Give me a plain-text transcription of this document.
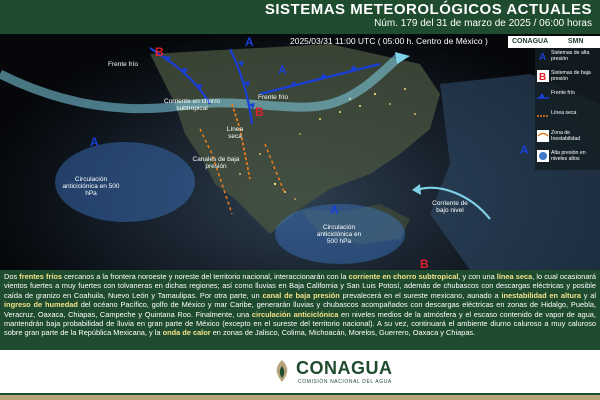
SISTEMAS METEOROLÓGICOS ACTUALES
Núm. 179 del 31 de marzo de 2025 / 06:00 horas
B
A
A
B
A
A
A
B
2025/03/31 11:00 UTC ( 05:00 h. Centro de México )	CONAGUA	SMN
Frente frío
Frente frío
Corriente en chorro subtropical
Línea seca
Canales de baja presión
Circulación anticiclónica en 500 hPa
Circulación anticiclónica en 500 hPa
Corriente de bajo nivel
A Sistemas de alta presión
B Sistemas de baja presión
Frente frío
Línea seca
Zona de Inestabilidad
Alta presión en niveles altos
Dos frentes fríos cercanos a la frontera noroeste y noreste del territorio nacional, interaccionarán con la corriente en chorro subtropical, y con una línea seca, lo cual ocasionará vientos fuertes a muy fuertes con tolvaneras en dichas regiones; así como lluvias en Baja California y San Luis Potosí, además de chubascos con descargas eléctricas y posible caída de granizo en Coahuila, Nuevo León y Tamaulipas. Por otra parte, un canal de baja presión prevalecerá en el sureste mexicano, aunado a inestabilidad en altura y al ingreso de humedad del océano Pacífico, golfo de México y mar Caribe, generarán lluvias y chubascos acompañados con descargas eléctricas en zonas de Hidalgo, Puebla, Veracruz, Oaxaca, Chiapas, Campeche y Quintana Roo. Finalmente, una circulación anticiclónica en niveles medios de la atmósfera y el escaso contenido de vapor de agua, mantendrán baja probabilidad de lluvia en gran parte de México (excepto en el sureste del territorio nacional). A su vez, continuará el ambiente diurno caluroso a muy caluroso sobre gran parte de la República Mexicana, y la onda de calor en zonas de Jalisco, Colima, Michoacán, Morelos, Guerrero, Oaxaca y Chiapas.
CONAGUA
COMISIÓN NACIONAL DEL AGUA
